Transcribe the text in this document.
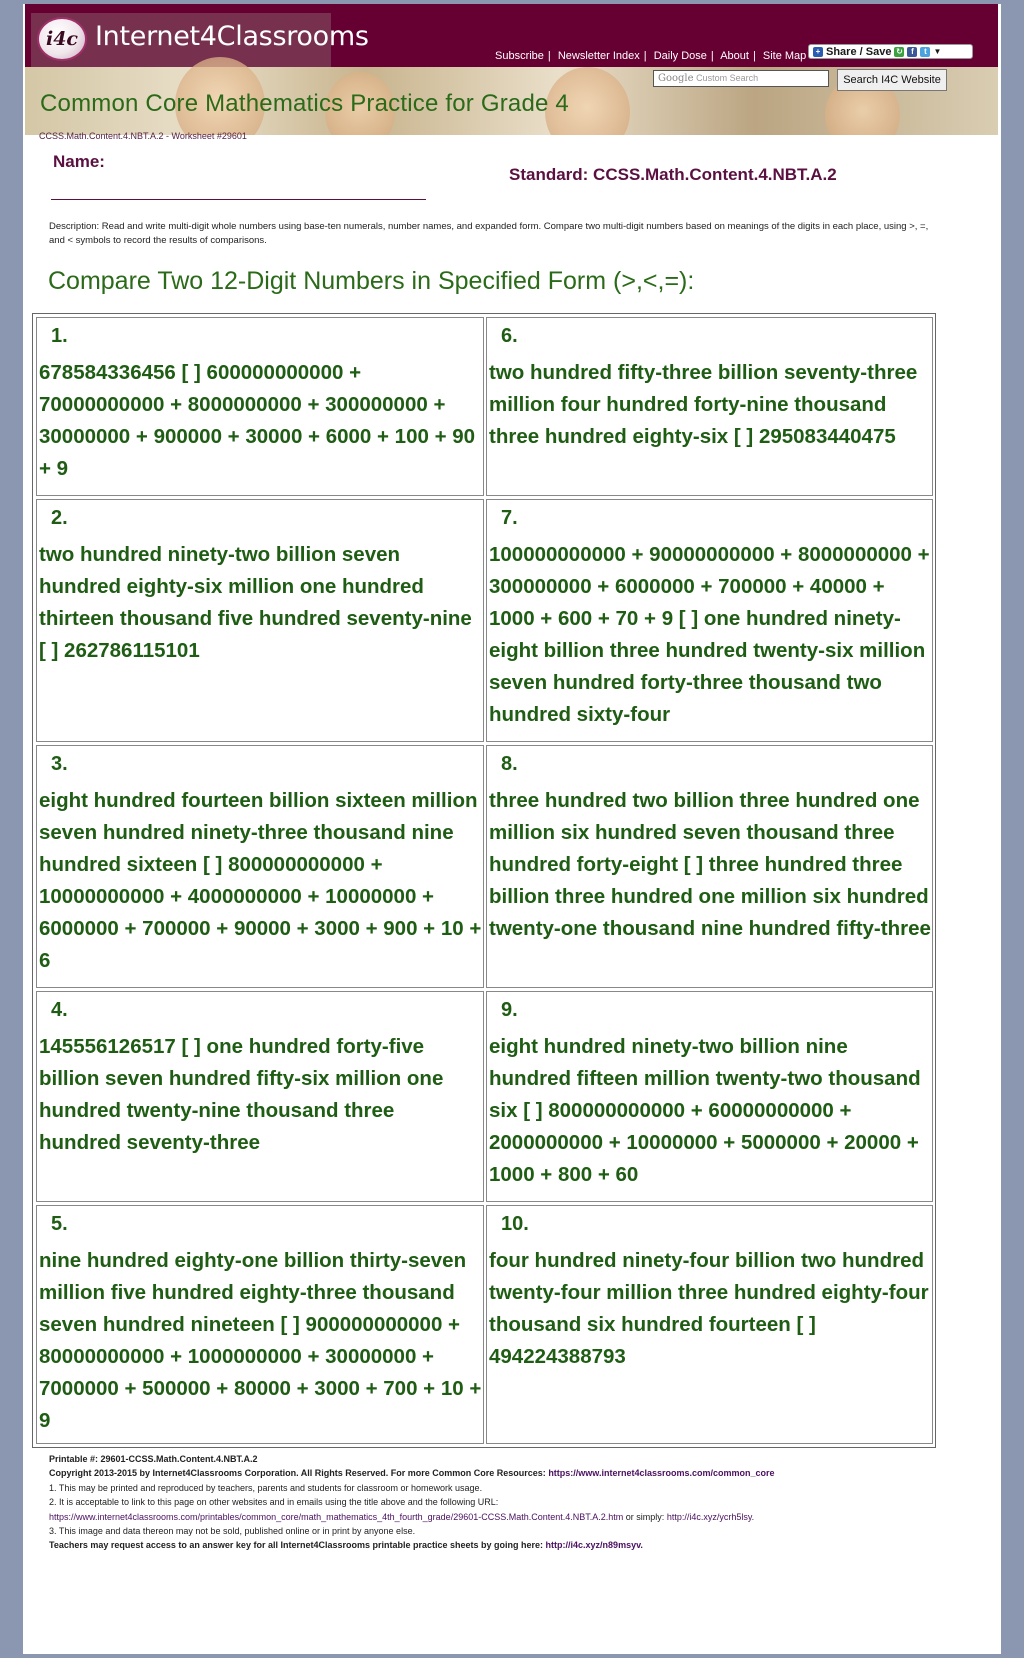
i4c Internet4Classrooms
Subscribe | Newsletter Index | Daily Dose | About | Site Map	+ Share / Save ↻	f	t ▼
Google Custom Search	Search I4C Website
Common Core Mathematics Practice for Grade 4
CCSS.Math.Content.4.NBT.A.2 - Worksheet #29601
Name:
Standard: CCSS.Math.Content.4.NBT.A.2
Description: Read and write multi-digit whole numbers using base-ten numerals, number names, and expanded form. Compare two multi-digit numbers based on meanings of the digits in each place, using >, =, and < symbols to record the results of comparisons.
Compare Two 12-Digit Numbers in Specified Form (>,<,=):
1.
678584336456 [ ] 600000000000 + 70000000000 + 8000000000 + 300000000 + 30000000 + 900000 + 30000 + 6000 + 100 + 90 + 9
2.
two hundred ninety-two billion seven hundred eighty-six million one hundred thirteen thousand five hundred seventy-nine [ ] 262786115101
3.
eight hundred fourteen billion sixteen million seven hundred ninety-three thousand nine hundred sixteen [ ] 800000000000 + 10000000000 + 4000000000 + 10000000 + 6000000 + 700000 + 90000 + 3000 + 900 + 10 + 6
4.
145556126517 [ ] one hundred forty-five billion seven hundred fifty-six million one hundred twenty-nine thousand three hundred seventy-three
5.
nine hundred eighty-one billion thirty-seven million five hundred eighty-three thousand seven hundred nineteen [ ] 900000000000 + 80000000000 + 1000000000 + 30000000 + 7000000 + 500000 + 80000 + 3000 + 700 + 10 + 9
6.
two hundred fifty-three billion seventy-three million four hundred forty-nine thousand three hundred eighty-six [ ] 295083440475
7.
100000000000 + 90000000000 + 8000000000 + 300000000 + 6000000 + 700000 + 40000 + 1000 + 600 + 70 + 9 [ ] one hundred ninety-eight billion three hundred twenty-six million seven hundred forty-three thousand two hundred sixty-four
8.
three hundred two billion three hundred one million six hundred seven thousand three hundred forty-eight [ ] three hundred three billion three hundred one million six hundred twenty-one thousand nine hundred fifty-three
9.
eight hundred ninety-two billion nine hundred fifteen million twenty-two thousand six [ ] 800000000000 + 60000000000 + 2000000000 + 10000000 + 5000000 + 20000 + 1000 + 800 + 60
10.
four hundred ninety-four billion two hundred twenty-four million three hundred eighty-four thousand six hundred fourteen [ ] 494224388793
Printable #: 29601-CCSS.Math.Content.4.NBT.A.2
Copyright 2013-2015 by Internet4Classrooms Corporation. All Rights Reserved. For more Common Core Resources: https://www.internet4classrooms.com/common_core
1. This may be printed and reproduced by teachers, parents and students for classroom or homework usage.
2. It is acceptable to link to this page on other websites and in emails using the title above and the following URL:
https://www.internet4classrooms.com/printables/common_core/math_mathematics_4th_fourth_grade/29601-CCSS.Math.Content.4.NBT.A.2.htm or simply: http://i4c.xyz/ycrh5lsy.
3. This image and data thereon may not be sold, published online or in print by anyone else.
Teachers may request access to an answer key for all Internet4Classrooms printable practice sheets by going here: http://i4c.xyz/n89msyv.
